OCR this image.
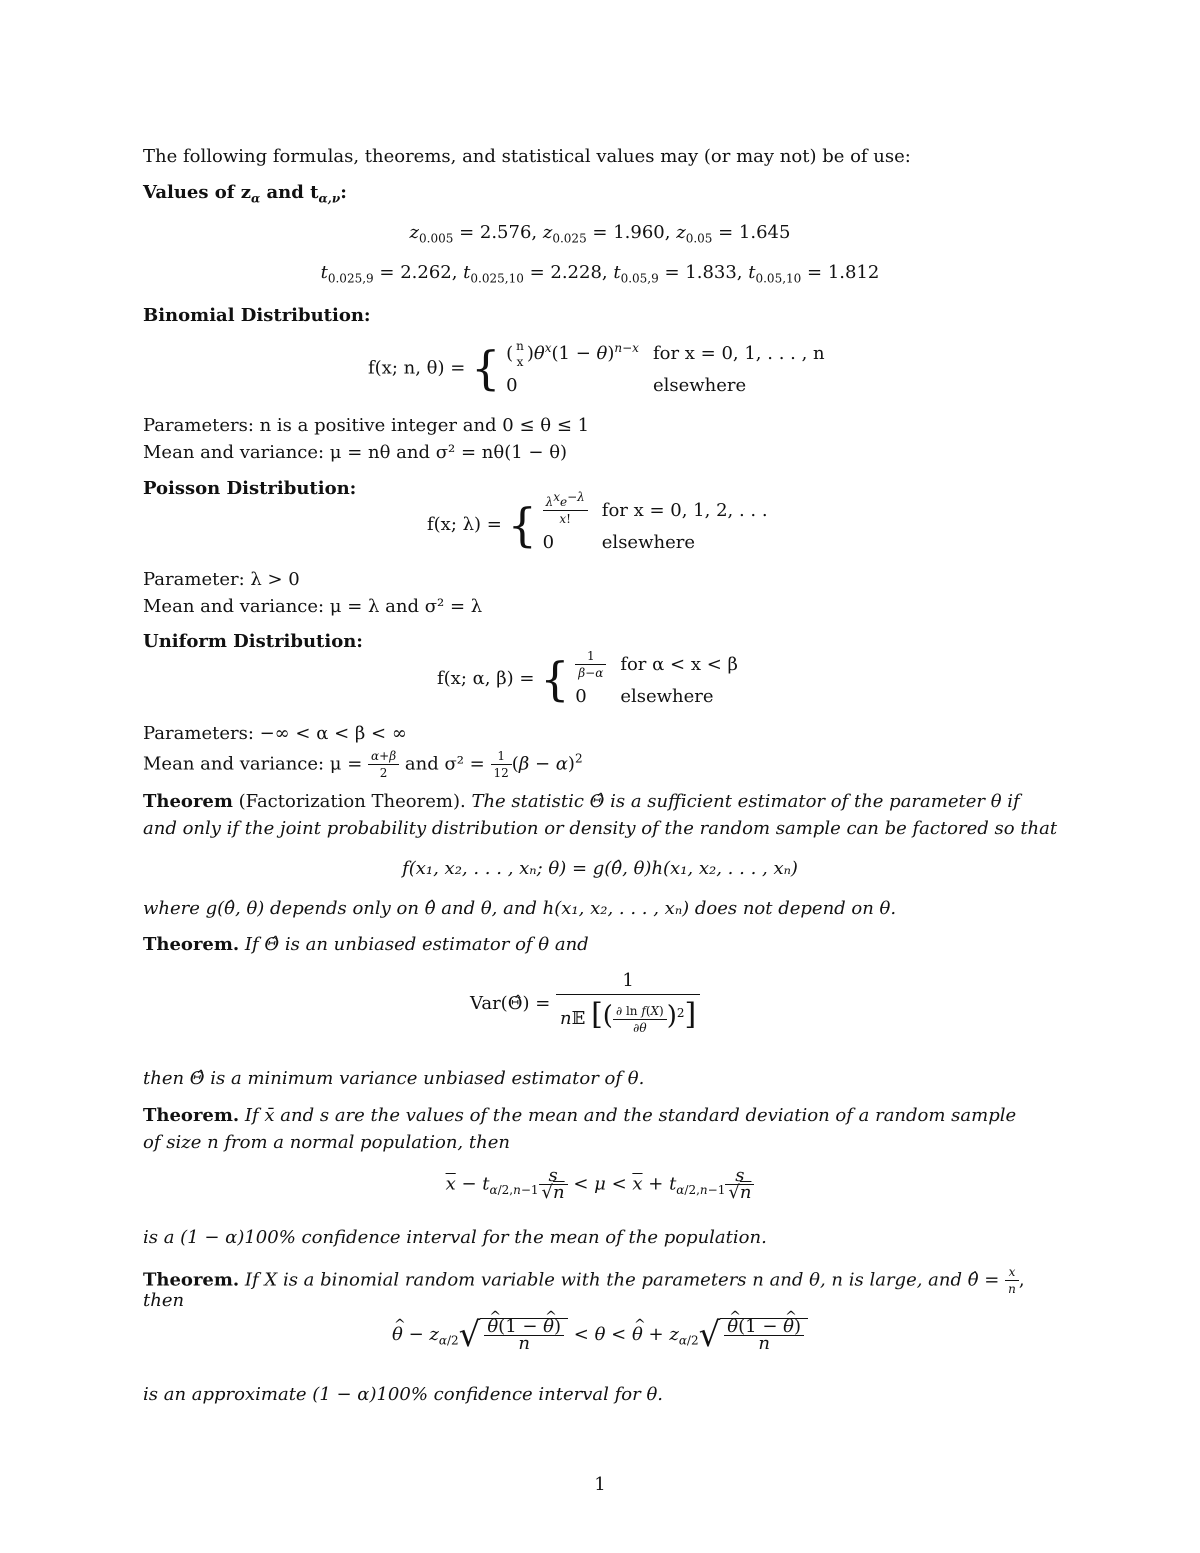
The following formulas, theorems, and statistical values may (or may not) be of use:
Values of $z_\alpha$ and $t_{\alpha,\nu}$:
$z_{0.005} = 2.576$, $z_{0.025} = 1.960$, $z_{0.05} = 1.645$
$t_{0.025,9} = 2.262$, $t_{0.025,10} = 2.228$, $t_{0.05,9} = 1.833$, $t_{0.05,10} = 1.812$
Binomial Distribution:
f(x; n, θ) = { ( n
x )$\theta^x(1 - \theta)^{n-x}$	for x = 0, 1, . . . , n
0	elsewhere
Parameters: n is a positive integer and 0 ≤ θ ≤ 1
Mean and variance: μ = nθ and σ² = nθ(1 − θ)
Poisson Distribution:
f(x; λ) = { $\frac{\lambda^xe^{-\lambda}}{x!}$	for x = 0, 1, 2, . . .
0	elsewhere
Parameter: λ > 0
Mean and variance: μ = λ and σ² = λ
Uniform Distribution:
f(x; α, β) = { $\frac{1}{\beta-\alpha}$	for α < x < β
0	elsewhere
Parameters: −∞ < α < β < ∞
Mean and variance: $\mu = \frac{\alpha+\beta}{2}$ and $\sigma^2 = \frac{1}{12} (\beta - \alpha)^2$
Theorem (Factorization Theorem). The statistic Θ̂ is a sufficient estimator of the parameter θ if
and only if the joint probability distribution or density of the random sample can be factored so that
f(x₁, x₂, . . . , xₙ; θ) = g(θ̂, θ)h(x₁, x₂, . . . , xₙ)
where g(θ̂, θ) depends only on θ̂ and θ, and h(x₁, x₂, . . . , xₙ) does not depend on θ.
Theorem. If Θ̂ is an unbiased estimator of θ and
Var(Θ̂) = $\frac{1}{n𝔼 [( \frac{\text{∂ ln f(X)}}{\partial\theta} )^2]}$
then Θ̂ is a minimum variance unbiased estimator of θ.
Theorem. If x̄ and s are the values of the mean and the standard deviation of a random sample
of size n from a normal population, then
$\overline{x} - t_{\alpha/2,n-1} \frac{s}{√n} < \mu < \overline{x} + t_{\alpha/2,n-1} \frac{s}{√n}$
is a (1 − α)100% confidence interval for the mean of the population.
Theorem. If X is a binomial random variable with the parameters n and θ, n is large, and θ̂ = $\frac{x}{n}$ ,
then
^ $\theta - z_{\alpha/2}√$ ^ $\frac{\theta(1 - \^{} \theta)}{n} < \theta$ < ^ $\theta + z_{\alpha/2}√$ ^ $\frac{\theta(1 - \^{} \theta)}{n}$
is an approximate (1 − α)100% confidence interval for θ.
1
